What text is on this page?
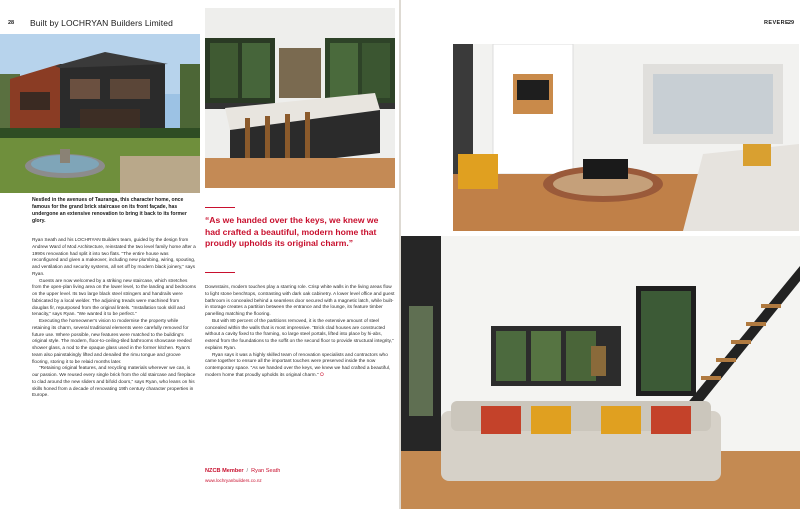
28 Built by LOCHRYAN Builders Limited	REVERE
29
Nestled in the avenues of Tauranga, this character home, once famous for the grand brick staircase on its front façade, has undergone an extensive renovation to bring it back to its former glory.

Ryan Seath and his LOCHRYAN Builders team, guided by the design from Andrew Ward of Mod Architecture, reinstated the two level family home after a 1990s renovation had split it into two flats. “The entire house was reconfigured and given a makeover, including new plumbing, wiring, spouting, and ventilation and security systems, all set off by modern black joinery,” says Ryan.

Guests are now welcomed by a striking new staircase, which stretches from the open-plan living area on the lower level, to the landing and bedrooms on the upper level. Its two large black steel stringers and handrails were fabricated by a local welder. The adjoining treads were machined from douglas fir, repurposed from the original lintels. “Installation took skill and tenacity,” says Ryan. “We wanted it to be perfect.”

Executing the homeowner's vision to modernise the property while retaining its charm, several traditional elements were carefully removed for future use. Where possible, new features were matched to the building's original style. The modern, floor-to-ceiling-tiled bathrooms showcase reeded shower glass, a nod to the opaque glass used in the former kitchen. Ryan's team also painstakingly lifted and denailed the rimu tongue and groove flooring, storing it to be relaid months later.

“Retaining original features, and recycling materials wherever we can, is our passion. We reused every single brick from the old staircase and fireplace to clad around the new sliders and bifold doors,” says Ryan, who leans on his skills honed from a decade of renovating 19th century character properties in Europe.

“As we handed over the keys, we knew we had crafted a beautiful, modern home that proudly upholds its original charm.”

Downstairs, modern touches play a starring role. Crisp white walls in the living areas flow to light stone benchtops, contrasting with dark oak cabinetry. A lower level office and guest bathroom is concealed behind a seamless door secured with a magnetic latch, while built-in storage creates a partition between the entrance and the lounge, its feature timber panelling matching the flooring.

But with 80 percent of the partitions removed, it is the extensive amount of steel concealed within the walls that is most impressive. “Brick clad houses are constructed without a cavity fixed to the framing, so large steel portals, lifted into place by hi-abs, extend from the foundations to the soffit on the second floor to provide structural integrity,” explains Ryan.

Ryan says it was a highly skilled team of renovation specialists and contractors who came together to ensure all the important touches were preserved inside the now contemporary space. “As we handed over the keys, we knew we had crafted a beautiful, modern home that proudly upholds its original charm.” ⭘

NZCB Member / Ryan Seath
www.lochryanbuilders.co.nz
